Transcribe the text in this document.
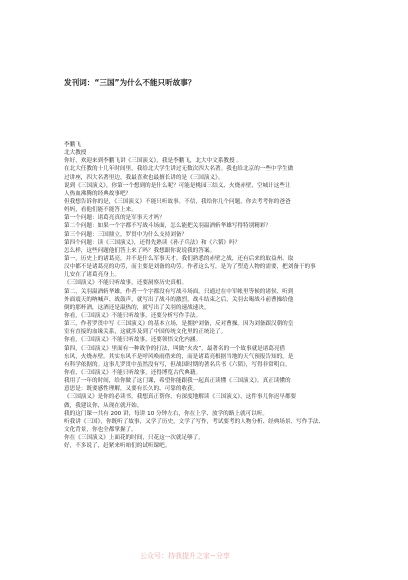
发刊词：“三国”为什么不能只听故事？
李鹏飞
北大教授
你好，欢迎来到李鹏飞讲《三国演义》，我是李鹏飞，北大中文系教授 。
在北大任教的十几年时间里，我给北大学生讲过无数次四大名著。我也给北京的一些中学生做
过讲座，四大名著里边，我最喜欢也最擅长讲的是《三国演义》。
说到《三国演义》，你第一个想到的是什么呢？可能是桃园三结义、火烧赤壁，空城计这些让
人热血沸腾的经典故事吧？
但我想告诉你的是，《三国演义》不能只听故事。不信，我给你几个问题，你去考考你的爸爸
妈妈，看他们能不能答上来。
第一个问题：诸葛亮真的是军事天才吗？
第二个问题：如果一个字都不写战斗场面，怎么能把关羽温酒斩华雄写得特别精彩？
第三个问题：三国鼎立，罗贯中为什么支持刘备？
第四个问题：读《三国演义》，还得先熟读《孙子兵法》和《六韬》吗？
怎么样，这些问题他们答上来了吗？我想跟你说说我的答案。
第一，历史上的诸葛亮，并不是什么军事天才。我们熟悉的赤壁之战，还有后来的取益州、取
汉中都不是诸葛亮的功劳，而主要是刘备的功劳。作者这么写，是为了塑造人物的需要，把刘备于的事
儿安在了诸葛亮身上。
《三国演义》不能只听故事，还要洞察历史真相。
第二，关羽温酒斩华雄，作者一个字都没有写战斗场面。只通过在中军帐里等候的诸侯、听到
外面震天的呐喊声、战鼓声，就写出了战斗的激烈，战斗结束之后，关羽去喝战斗前曹操给他
倒的那杯酒，这酒还是温热的，就写出了关羽的速战速决。
你看，《三国演义》不能只听故事，还要分析写作手法。
第三，作者罗贯中写《三国演义》的基本立场，是拥护刘备，反对曹操。因为刘备跟汉朝的皇
室有直接的血缘关系，这就涉及到了中国传统文化里的正统论了。
你看，《三国演义》不能只听故事，还要领悟文化内涵。
第四，《三国演义》里面有一种战争的打法，叫做“火攻”，最著名的一个故事就是诸葛亮借
东风，火烧赤壁。其实东风不是呼风唤雨借来的，而是诸葛亮根据当地的天气预报告知的，是
有科学依据的。这事儿罗贯中虽然没有写，但战国时期的著名兵书《六韬》，写得非常明白。
你看，《三国演义》不能只听故事，还得博览古代典籍。
我用了一年的时间，给你做了这门课，希望你能跟我一起真正读懂《三国演义》。真正读懂的
意思是：既要感性理解，又要有长久的、可靠的收获。
《三国演义》是你的必读书，我想真正帮你，有深度地解读《三国演义》，这件事儿你迟早都要
做，我建议你，从现在就开始。
我的这门课一共有 200 讲，每讲 10 分钟左右，你在上学、放学的路上就可以听。
听我讲《三国》，你既听了故事，又学了历史，文学了写作，考试要考的人物分析、经典场景、写作手法、
文化背景，你也全都掌握了。
你在《三国演义》上面花的时间，只花这一次就足够了。
好，不多说了，赶紧来听咱们的试听课吧。
公众号：持我提升之家~分享
